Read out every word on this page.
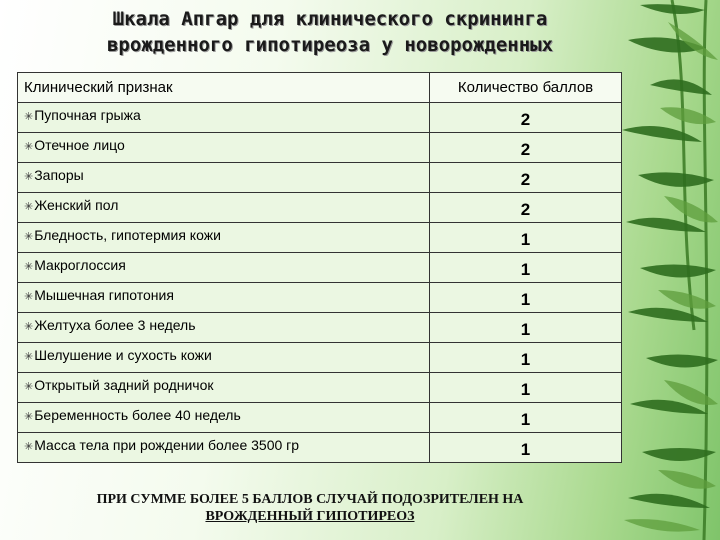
Шкала Апгар для клинического скрининга
врожденного гипотиреоза у новорожденных
Клинический признак	Количество баллов
✳Пупочная грыжа	2
✳Отечное лицо	2
✳Запоры	2
✳Женский пол	2
✳Бледность, гипотермия кожи	1
✳Макроглоссия	1
✳Мышечная гипотония	1
✳Желтуха более 3 недель	1
✳Шелушение и сухость кожи	1
✳Открытый задний родничок	1
✳Беременность более 40 недель	1
✳Масса тела при рождении более 3500 гр	1
ПРИ СУММЕ БОЛЕЕ 5 БАЛЛОВ СЛУЧАЙ ПОДОЗРИТЕЛЕН НА
ВРОЖДЕННЫЙ ГИПОТИРЕОЗ
